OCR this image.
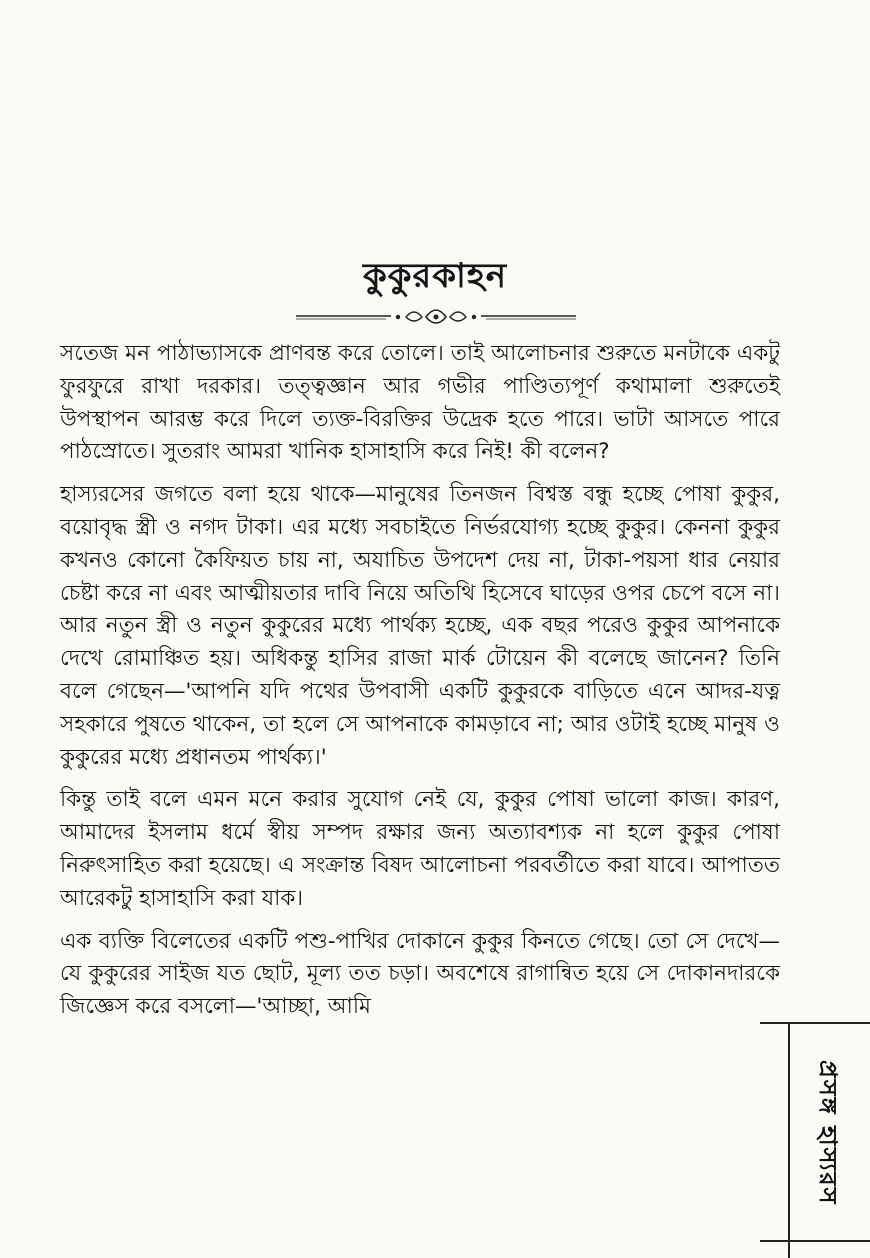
কুকুরকাহন

সতেজ মন পাঠাভ্যাসকে প্রাণবন্ত করে তোলে। তাই আলোচনার শুরুতে মনটাকে একটু ফুরফুরে রাখা দরকার। তত্ত্বজ্ঞান আর গভীর পাণ্ডিত্যপূর্ণ কথামালা শুরুতেই উপস্থাপন আরম্ভ করে দিলে ত্যক্ত-বিরক্তির উদ্রেক হতে পারে। ভাটা আসতে পারে পাঠস্রোতে। সুতরাং আমরা খানিক হাসাহাসি করে নিই! কী বলেন?

হাস্যরসের জগতে বলা হয়ে থাকে—মানুষের তিনজন বিশ্বস্ত বন্ধু হচ্ছে পোষা কুকুর, বয়োবৃদ্ধ স্ত্রী ও নগদ টাকা। এর মধ্যে সবচাইতে নির্ভরযোগ্য হচ্ছে কুকুর। কেননা কুকুর কখনও কোনো কৈফিয়ত চায় না, অযাচিত উপদেশ দেয় না, টাকা-পয়সা ধার নেয়ার চেষ্টা করে না এবং আত্মীয়তার দাবি নিয়ে অতিথি হিসেবে ঘাড়ের ওপর চেপে বসে না। আর নতুন স্ত্রী ও নতুন কুকুরের মধ্যে পার্থক্য হচ্ছে, এক বছর পরেও কুকুর আপনাকে দেখে রোমাঞ্চিত হয়। অধিকন্তু হাসির রাজা মার্ক টোয়েন কী বলেছে জানেন? তিনি বলে গেছেন—'আপনি যদি পথের উপবাসী একটি কুকুরকে বাড়িতে এনে আদর-যত্ন সহকারে পুষতে থাকেন, তা হলে সে আপনাকে কামড়াবে না; আর ওটাই হচ্ছে মানুষ ও কুকুরের মধ্যে প্রধানতম পার্থক্য।'

কিন্তু তাই বলে এমন মনে করার সুযোগ নেই যে, কুকুর পোষা ভালো কাজ। কারণ, আমাদের ইসলাম ধর্মে স্বীয় সম্পদ রক্ষার জন্য অত্যাবশ্যক না হলে কুকুর পোষা নিরুৎসাহিত করা হয়েছে। এ সংক্রান্ত বিষদ আলোচনা পরবর্তীতে করা যাবে। আপাতত আরেকটু হাসাহাসি করা যাক।

এক ব্যক্তি বিলেতের একটি পশু-পাখির দোকানে কুকুর কিনতে গেছে। তো সে দেখে—যে কুকুরের সাইজ যত ছোট, মূল্য তত চড়া। অবশেষে রাগান্বিত হয়ে সে দোকানদারকে জিজ্ঞেস করে বসলো—'আচ্ছা, আমি

প্রসঙ্গ হাস্যরস
